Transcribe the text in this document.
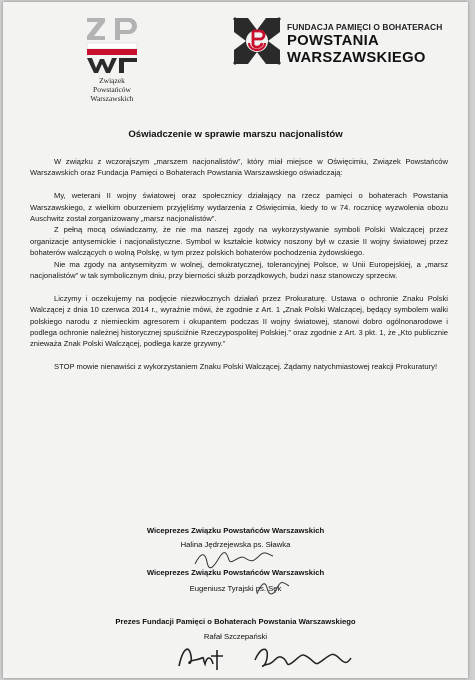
Związek
Powstańców
Warszawskich
FUNDACJA PAMIĘCI O BOHATERACH
POWSTANIA
WARSZAWSKIEGO
Oświadczenie w sprawie marszu nacjonalistów

W związku z wczorajszym „marszem nacjonalistów”, który miał miejsce w Oświęcimiu, Związek Powstańców Warszawskich oraz Fundacja Pamięci o Bohaterach Powstania Warszawskiego oświadczają:

My, weterani II wojny światowej oraz społecznicy działający na rzecz pamięci o bohaterach Powstania Warszawskiego, z wielkim oburzeniem przyjęliśmy wydarzenia z Oświęcimia, kiedy to w 74. rocznicę wyzwolenia obozu Auschwitz został zorganizowany „marsz nacjonalistów”.

Z pełną mocą oświadczamy, że nie ma naszej zgody na wykorzystywanie symboli Polski Walczącej przez organizacje antysemickie i nacjonalistyczne. Symbol w kształcie kotwicy noszony był w czasie II wojny światowej przez bohaterów walczących o wolną Polskę, w tym przez polskich bohaterów pochodzenia żydowskiego.

Nie ma zgody na antysemityzm w wolnej, demokratycznej, tolerancyjnej Polsce, w Unii Europejskiej, a „marsz nacjonalistów” w tak symbolicznym dniu, przy bierności służb porządkowych, budzi nasz stanowczy sprzeciw.

Liczymy i oczekujemy na podjęcie niezwłocznych działań przez Prokuraturę. Ustawa o ochronie Znaku Polski Walczącej z dnia 10 czerwca 2014 r., wyraźnie mówi, że zgodnie z Art. 1 „Znak Polski Walczącej, będący symbolem walki polskiego narodu z niemieckim agresorem i okupantem podczas II wojny światowej, stanowi dobro ogólnonarodowe i podlega ochronie należnej historycznej spuściźnie Rzeczypospolitej Polskiej.” oraz zgodnie z Art. 3 pkt. 1, że „Kto publicznie znieważa Znak Polski Walczącej, podlega karze grzywny.”

STOP mowie nienawiści z wykorzystaniem Znaku Polski Walczącej. Żądamy natychmiastowej reakcji Prokuratury!

Wiceprezes Związku Powstańców Warszawskich
Halina Jędrzejewska ps. Sławka
Wiceprezes Związku Powstańców Warszawskich
Eugeniusz Tyrajski ps. Sęk
Prezes Fundacji Pamięci o Bohaterach Powstania Warszawskiego
Rafał Szczepański
